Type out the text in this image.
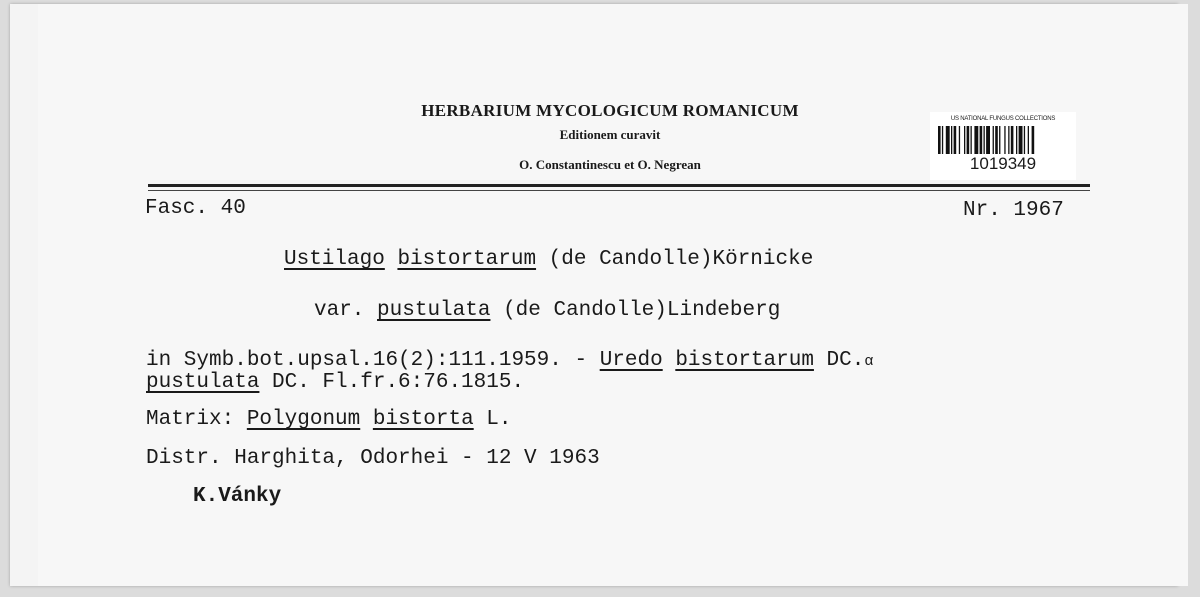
HERBARIUM MYCOLOGICUM ROMANICUM
Editionem curavit
O. Constantinescu et O. Negrean
US NATIONAL FUNGUS COLLECTIONS
1019349
Fasc. 40	Nr. 1967
Ustilago bistortarum (de Candolle)Körnicke
var. pustulata (de Candolle)Lindeberg
in Symb.bot.upsal.16(2):111.1959. - Uredo bistortarum DC.α
pustulata DC. Fl.fr.6:76.1815.
Matrix: Polygonum bistorta L.
Distr. Harghita, Odorhei - 12 V 1963
K.Vánky
